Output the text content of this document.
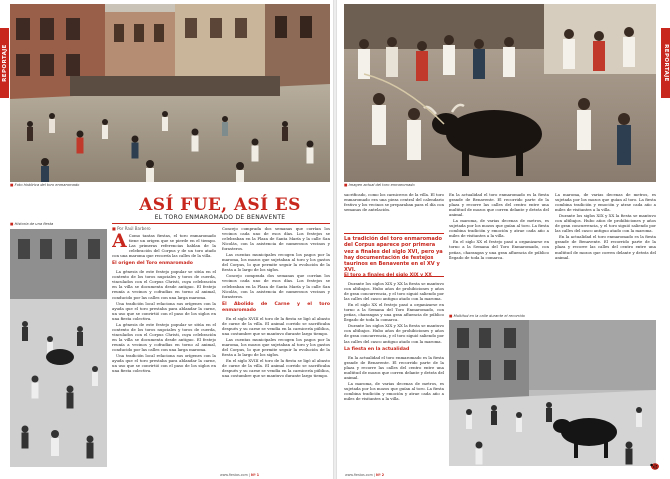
REPORTAJE
■ Foto histórica del toro enmaromado
ASÍ FUE, ASÍ ES
EL TORO ENMAROMADO DE BENAVENTE
■ Historia de una fiesta

■ Por Raúl Barbero

A Como tantas fiestas, el toro enmaromado tiene un origen que se pierde en el tiempo. Las primeras referencias hablan de la celebración del Corpus y de un toro atado con una maroma que recorría las calles de la villa.

El origen del Toro enmaromado

La génesis de este festejo popular se sitúa en el contexto de los toros nupciales y toros de cuerda, vinculados con el Corpus Christi, cuya celebración en la villa se documenta desde antiguo. El festejo reunía a vecinos y cofradías en torno al animal, conducido por las calles con una larga maroma.

Una tradición local relaciona sus orígenes con la ayuda que el toro prestaba para ablandar la carne, un uso que se convirtió con el paso de los siglos en una fiesta colectiva.

La génesis de este festejo popular se sitúa en el contexto de los toros nupciales y toros de cuerda, vinculados con el Corpus Christi, cuya celebración en la villa se documenta desde antiguo. El festejo reunía a vecinos y cofradías en torno al animal, conducido por las calles con una larga maroma.

Una tradición local relaciona sus orígenes con la ayuda que el toro prestaba para ablandar la carne, un uso que se convirtió con el paso de los siglos en una fiesta colectiva.

Concejo comprada dos semanas que corrían los vecinos cada uno de esos días. Los festejos se celebraban en la Plaza de Santa María y la calle San Nicolás, con la asistencia de numerosos vecinos y forasteros.

Las cuentas municipales recogen los pagos por la maroma, los mozos que sujetaban al toro y los gastos del Corpus, lo que permite seguir la evolución de la fiesta a lo largo de los siglos.

Concejo comprada dos semanas que corrían los vecinos cada uno de esos días. Los festejos se celebraban en la Plaza de Santa María y la calle San Nicolás, con la asistencia de numerosos vecinos y forasteros.

El Abolido de Carne y el toro enmaromado

En el siglo XVIII el toro de la fiesta se ligó al abasto de carne de la villa. El animal corrido se sacrificaba después y su carne se vendía en la carnicería pública, una costumbre que se mantuvo durante largo tiempo.

Las cuentas municipales recogen los pagos por la maroma, los mozos que sujetaban al toro y los gastos del Corpus, lo que permite seguir la evolución de la fiesta a lo largo de los siglos.

En el siglo XVIII el toro de la fiesta se ligó al abasto de carne de la villa. El animal corrido se sacrificaba después y su carne se vendía en la carnicería pública, una costumbre que se mantuvo durante largo tiempo.

www.fiestas.com | Nº 1
■ Imagen actual del toro enmaromado
REPORTAJE

sacrificado, como los carniceros de la villa. El toro enmaromado era una pieza central del calendario festivo y los vecinos se preparaban para el día con semanas de antelación.

La tradición del toro enmaromado del Corpus aparece por primera vez a finales del siglo XVI, pero ya hay documentación de festejos taurinos en Benavente en el XV y XVI.

El toro a finales del siglo XIX y XX

Durante los siglos XIX y XX la fiesta se mantuvo con altibajos. Hubo años de prohibiciones y años de gran concurrencia, y el toro siguió saliendo por las calles del casco antiguo atado con la maroma.

En el siglo XX el festejo pasó a organizarse en torno a la Semana del Toro Enmaromado, con peñas, charangas y una gran afluencia de público llegado de toda la comarca.

Durante los siglos XIX y XX la fiesta se mantuvo con altibajos. Hubo años de prohibiciones y años de gran concurrencia, y el toro siguió saliendo por las calles del casco antiguo atado con la maroma.

La fiesta en la actualidad

En la actualidad el toro enmaromado es la fiesta grande de Benavente. El recorrido parte de la plaza y recorre las calles del centro entre una multitud de mozos que corren delante y detrás del animal.

La maroma, de varias decenas de metros, es sujetada por los mozos que guían al toro. La fiesta combina tradición y emoción y atrae cada año a miles de visitantes a la villa.

En la actualidad el toro enmaromado es la fiesta grande de Benavente. El recorrido parte de la plaza y recorre las calles del centro entre una multitud de mozos que corren delante y detrás del animal.

La maroma, de varias decenas de metros, es sujetada por los mozos que guían al toro. La fiesta combina tradición y emoción y atrae cada año a miles de visitantes a la villa.

En el siglo XX el festejo pasó a organizarse en torno a la Semana del Toro Enmaromado, con peñas, charangas y una gran afluencia de público llegado de toda la comarca.

La maroma, de varias decenas de metros, es sujetada por los mozos que guían al toro. La fiesta combina tradición y emoción y atrae cada año a miles de visitantes a la villa.

Durante los siglos XIX y XX la fiesta se mantuvo con altibajos. Hubo años de prohibiciones y años de gran concurrencia, y el toro siguió saliendo por las calles del casco antiguo atado con la maroma.

En la actualidad el toro enmaromado es la fiesta grande de Benavente. El recorrido parte de la plaza y recorre las calles del centro entre una multitud de mozos que corren delante y detrás del animal.

■ Multitud en la calle durante el recorrido
www.fiestas.com | Nº 2
